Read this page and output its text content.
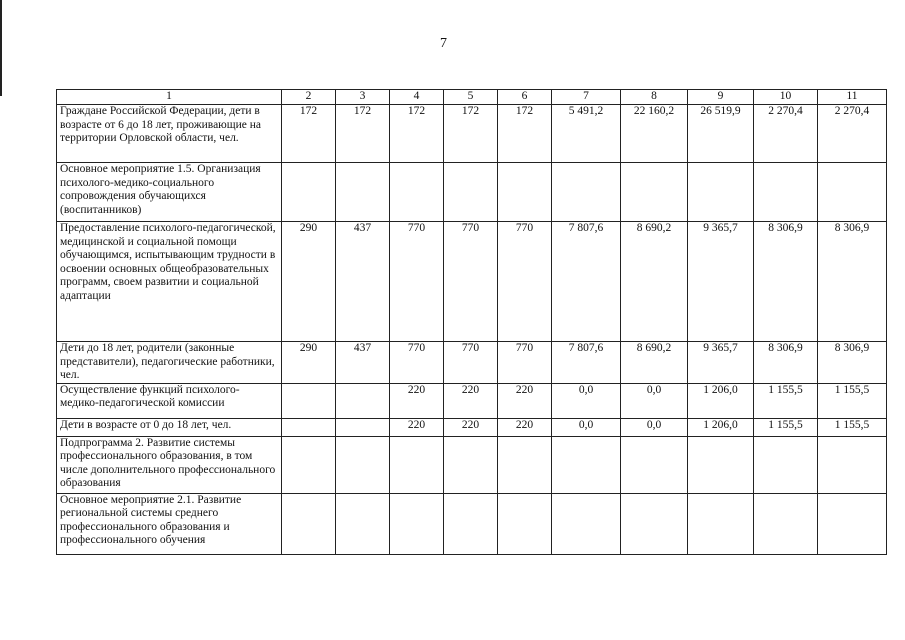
7
1	2	3	4	5	6	7	8	9	10	11
Граждане Российской Федерации, дети в возрасте от 6 до 18 лет, проживающие на территории Орловской области, чел.	172	172	172	172	172	5 491,2	22 160,2	26 519,9	2 270,4	2 270,4
Основное мероприятие 1.5. Организация психолого-медико-социального сопровождения обучающихся (воспитанников)										
Предоставление психолого-педагогической, медицинской и социальной помощи обучающимся, испытывающим трудности в освоении основных общеобразовательных программ, своем развитии и социальной адаптации	290	437	770	770	770	7 807,6	8 690,2	9 365,7	8 306,9	8 306,9
Дети до 18 лет, родители (законные представители), педагогические работники, чел.	290	437	770	770	770	7 807,6	8 690,2	9 365,7	8 306,9	8 306,9
Осуществление функций психолого-медико-педагогической комиссии			220	220	220	0,0	0,0	1 206,0	1 155,5	1 155,5
Дети в возрасте от 0 до 18 лет, чел.			220	220	220	0,0	0,0	1 206,0	1 155,5	1 155,5
Подпрограмма 2. Развитие системы профессионального образования, в том числе дополнительного профессионального образования										
Основное мероприятие 2.1. Развитие региональной системы среднего профессионального образования и профессионального обучения										
